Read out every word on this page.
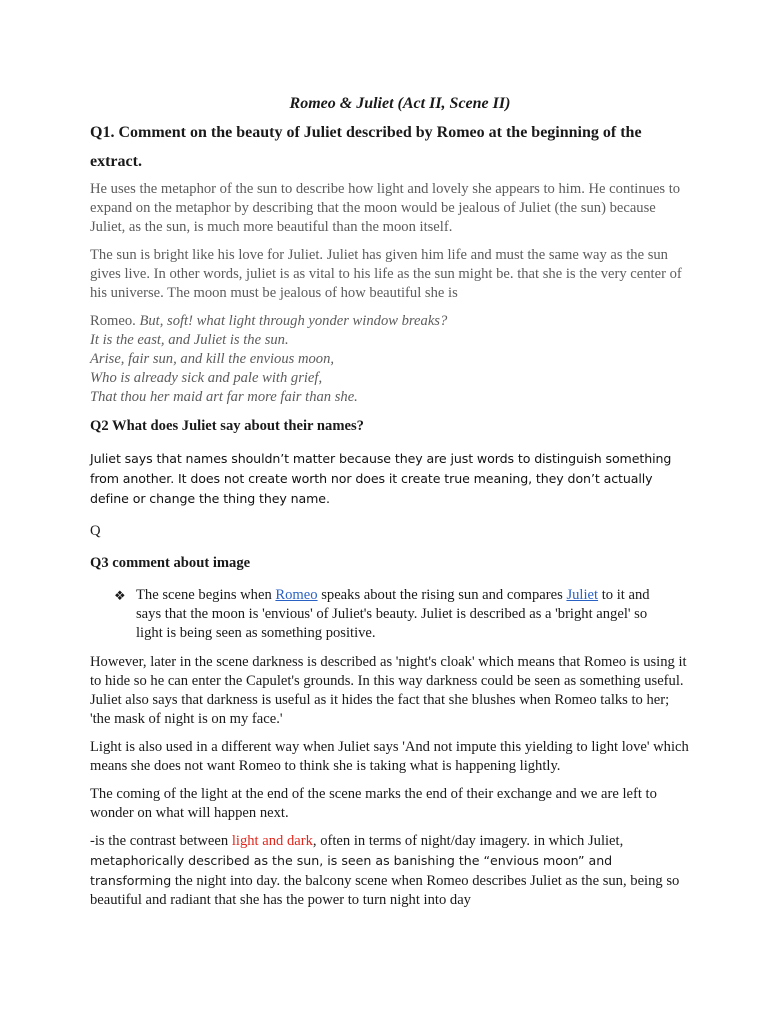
Romeo & Juliet (Act II, Scene II)
Q1. Comment on the beauty of Juliet described by Romeo at the beginning of the extract.

He uses the metaphor of the sun to describe how light and lovely she appears to him. He continues to expand on the metaphor by describing that the moon would be jealous of Juliet (the sun) because Juliet, as the sun, is much more beautiful than the moon itself.

The sun is bright like his love for Juliet. Juliet has given him life and must the same way as the sun gives live. In other words, juliet is as vital to his life as the sun might be. that she is the very center of his universe. The moon must be jealous of how beautiful she is

Romeo. But, soft! what light through yonder window breaks?
It is the east, and Juliet is the sun.
Arise, fair sun, and kill the envious moon,
Who is already sick and pale with grief,
That thou her maid art far more fair than she.
Q2 What does Juliet say about their names?

Juliet says that names shouldn’t matter because they are just words to distinguish something from another. It does not create worth nor does it create true meaning, they don’t actually define or change the thing they name.

Q

Q3 comment about image
❖ The scene begins when Romeo speaks about the rising sun and compares Juliet to it and says that the moon is 'envious' of Juliet's beauty. Juliet is described as a 'bright angel' so light is being seen as something positive.

However, later in the scene darkness is described as 'night's cloak' which means that Romeo is using it to hide so he can enter the Capulet's grounds. In this way darkness could be seen as something useful. Juliet also says that darkness is useful as it hides the fact that she blushes when Romeo talks to her; 'the mask of night is on my face.'

Light is also used in a different way when Juliet says 'And not impute this yielding to light love' which means she does not want Romeo to think she is taking what is happening lightly.

The coming of the light at the end of the scene marks the end of their exchange and we are left to wonder on what will happen next.

-is the contrast between light and dark, often in terms of night/day imagery. in which Juliet, metaphorically described as the sun, is seen as banishing the “envious moon” and transforming the night into day. the balcony scene when Romeo describes Juliet as the sun, being so beautiful and radiant that she has the power to turn night into day
